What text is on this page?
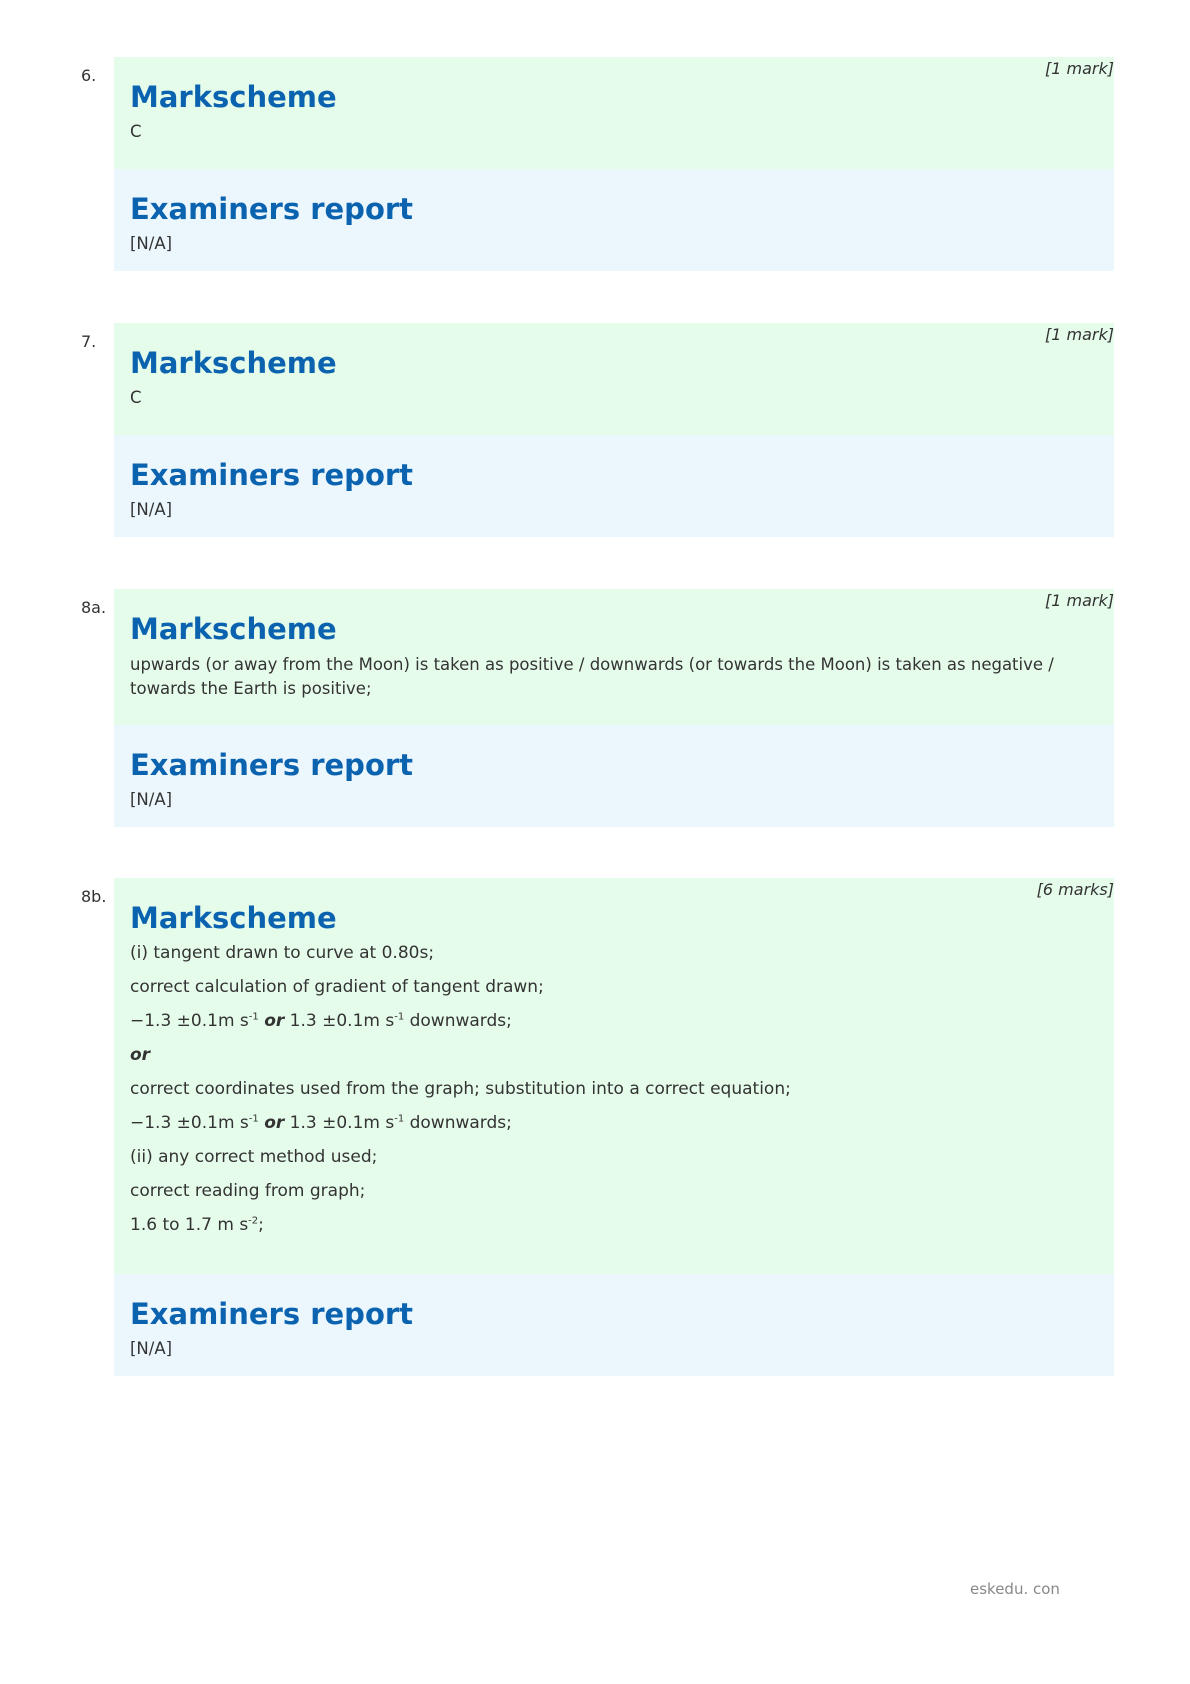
6.	[1 mark]
Markscheme

C

Examiners report

[N/A]

7.	[1 mark]
Markscheme

C

Examiners report

[N/A]

8a.	[1 mark]
Markscheme

upwards (or away from the Moon) is taken as positive / downwards (or towards the Moon) is taken as negative / towards the Earth is positive;

Examiners report

[N/A]

8b.	[6 marks]
Markscheme

(i) tangent drawn to curve at 0.80s;

correct calculation of gradient of tangent drawn;

−1.3 ±0.1m $s^{-1}$ or 1.3 ±0.1m $s^{-1}$ downwards;

or

correct coordinates used from the graph; substitution into a correct equation;

−1.3 ±0.1m $s^{-1}$ or 1.3 ±0.1m $s^{-1}$ downwards;

(ii) any correct method used;

correct reading from graph;

1.6 to 1.7 m $s^{-2}$;

Examiners report

[N/A]

eskedu. con
